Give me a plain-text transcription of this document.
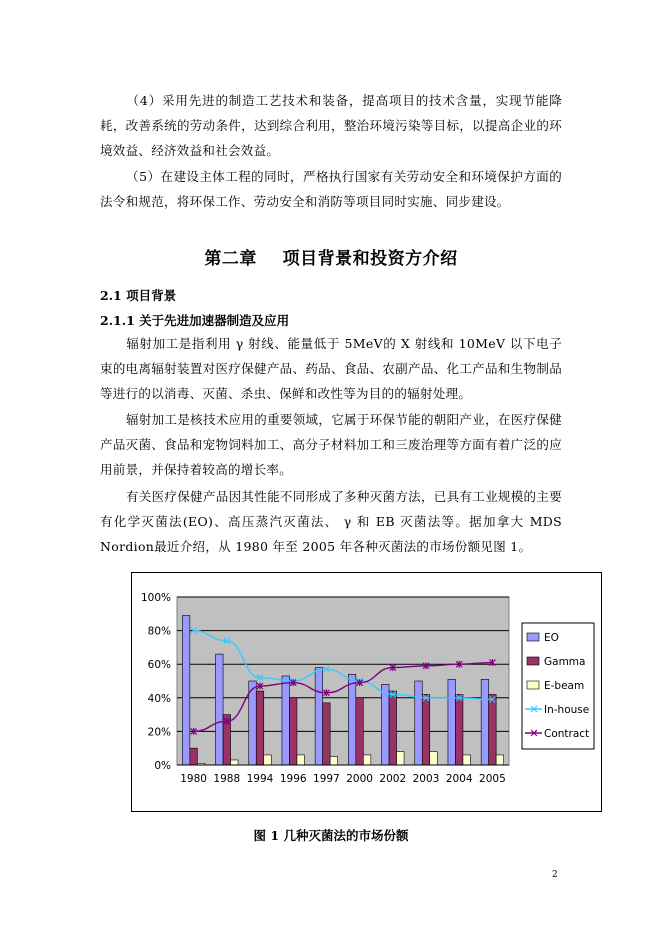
（4）采用先进的制造工艺技术和装备，提高项目的技术含量，实现节能降耗，改善系统的劳动条件，达到综合利用，整治环境污染等目标，以提高企业的环境效益、经济效益和社会效益。
（5）在建设主体工程的同时，严格执行国家有关劳动安全和环境保护方面的法令和规范，将环保工作、劳动安全和消防等项目同时实施、同步建设。
第二章    项目背景和投资方介绍
2.1 项目背景
2.1.1 关于先进加速器制造及应用
辐射加工是指利用 γ 射线、能量低于 5MeV的 X 射线和 10MeV 以下电子束的电离辐射装置对医疗保健产品、药品、食品、农副产品、化工产品和生物制品等进行的以消毒、灭菌、杀虫、保鲜和改性等为目的的辐射处理。
辐射加工是核技术应用的重要领域，它属于环保节能的朝阳产业，在医疗保健产品灭菌、食品和宠物饲料加工、高分子材料加工和三废治理等方面有着广泛的应用前景，并保持着较高的增长率。
有关医疗保健产品因其性能不同形成了多种灭菌方法，已具有工业规模的主要有化学灭菌法(EO)、高压蒸汽灭菌法、 γ 和 EB 灭菌法等。据加拿大 MDS Nordion最近介绍，从 1980 年至 2005 年各种灭菌法的市场份额见图 1。
0%
20%
40%
60%
80%
100%
1980 1988 1994 1996 1997 2000 2002 2003 2004 2005
EO
Gamma
E-beam
In-house
Contract
图 1 几种灭菌法的市场份额
2
